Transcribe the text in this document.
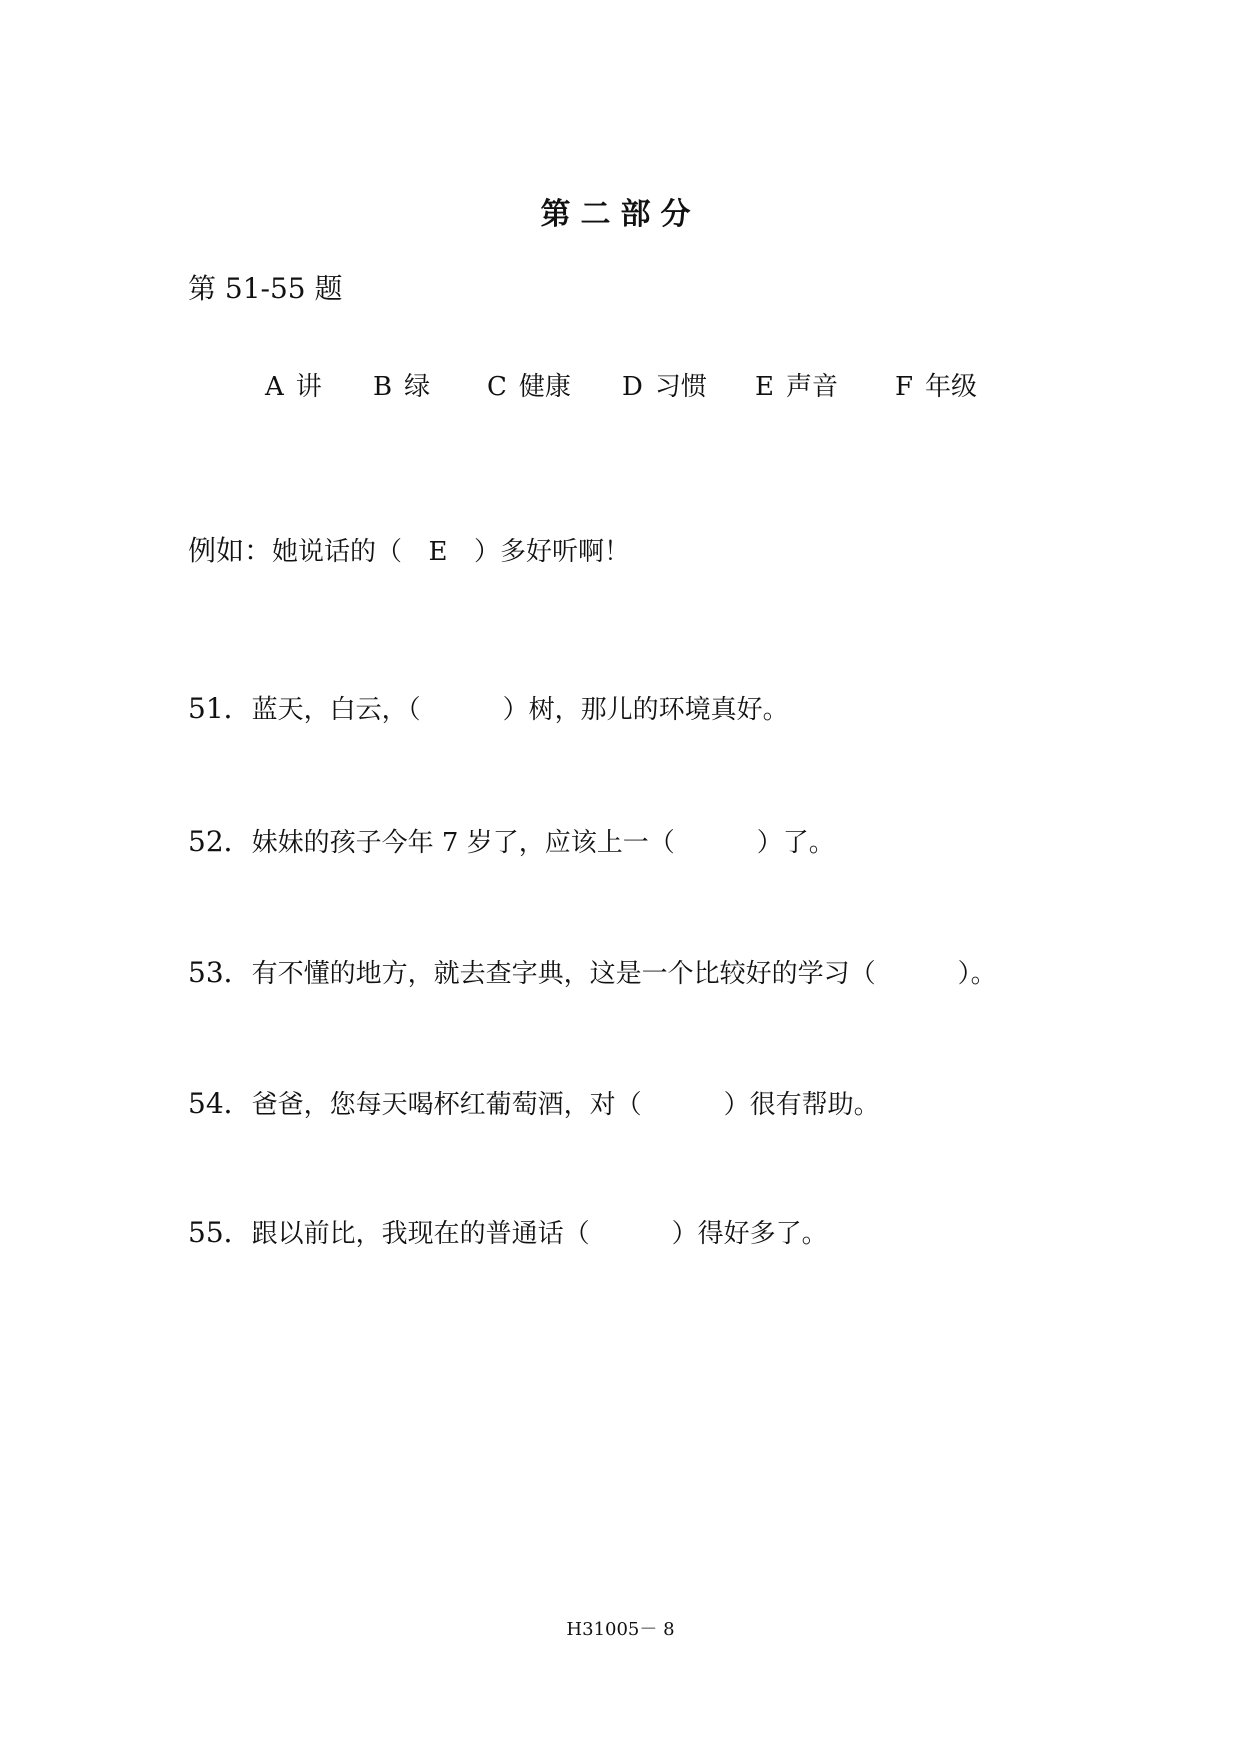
第二部分
第 51-55 题
A 讲 B 绿 C 健康 D 习惯 E 声音 F 年级
例如：她说话的（ E ）多好听啊！
51．蓝天，白云，（	）树，那儿的环境真好。
52．妹妹的孩子今年 7 岁了，应该上一（	）了。
53．有不懂的地方，就去查字典，这是一个比较好的学习（	）。
54．爸爸，您每天喝杯红葡萄酒，对（	）很有帮助。
55．跟以前比，我现在的普通话（	）得好多了。
H31005－ 8
